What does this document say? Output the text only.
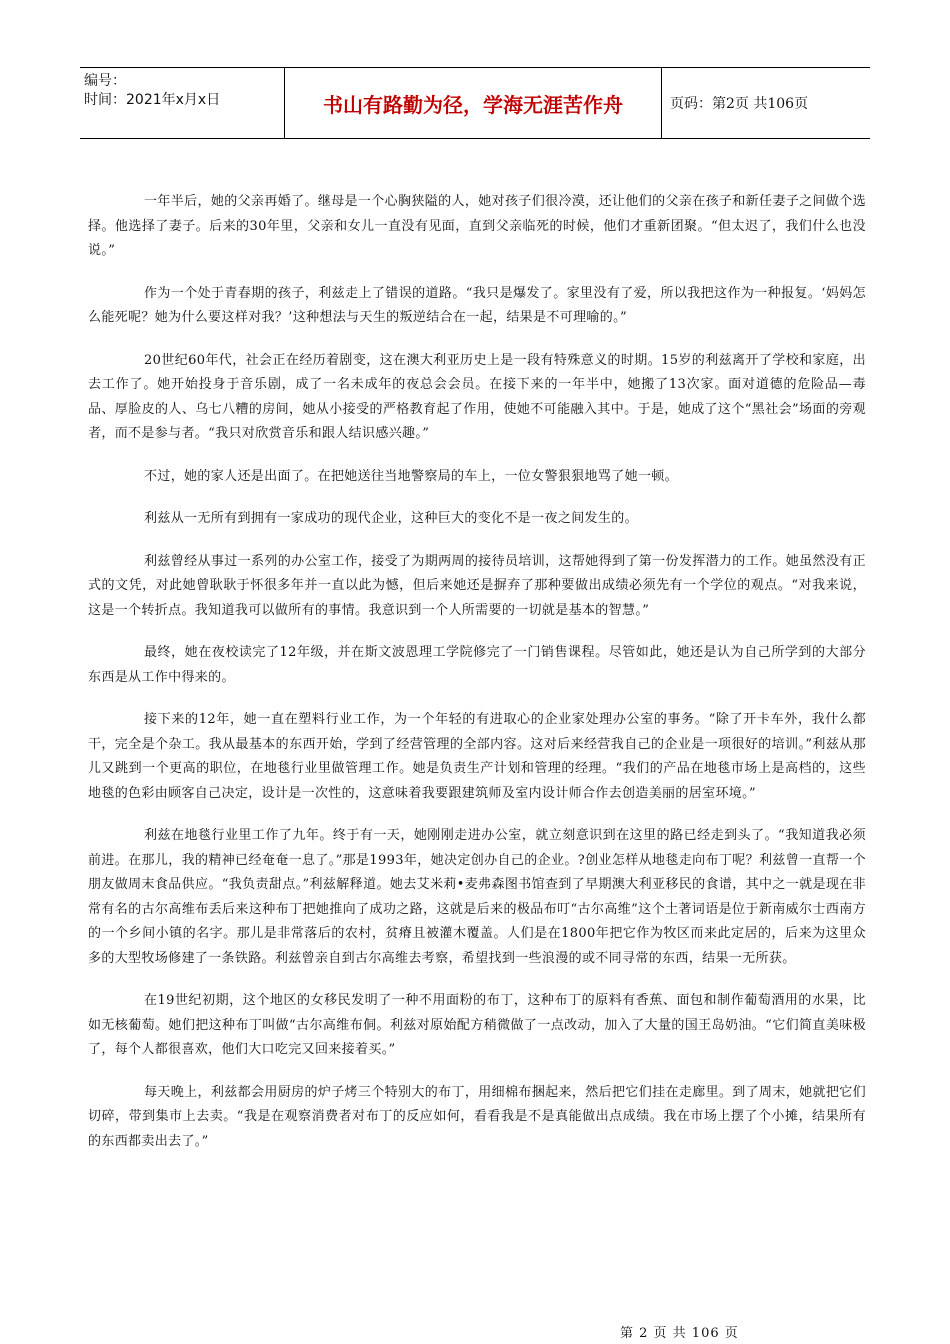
编号：
时间：2021年x月x日	书山有路勤为径，学海无涯苦作舟	页码：第2页 共106页

一年半后，她的父亲再婚了。继母是一个心胸狭隘的人，她对孩子们很冷漠，还让他们的父亲在孩子和新任妻子之间做个选择。他选择了妻子。后来的30年里，父亲和女儿一直没有见面，直到父亲临死的时候，他们才重新团聚。“但太迟了，我们什么也没说。”

作为一个处于青春期的孩子，利兹走上了错误的道路。“我只是爆发了。家里没有了爱，所以我把这作为一种报复。‘妈妈怎么能死呢？她为什么要这样对我？’这种想法与天生的叛逆结合在一起，结果是不可理喻的。”

20世纪60年代，社会正在经历着剧变，这在澳大利亚历史上是一段有特殊意义的时期。15岁的利兹离开了学校和家庭，出去工作了。她开始投身于音乐剧，成了一名未成年的夜总会会员。在接下来的一年半中，她搬了13次家。面对道德的危险品—毒品、厚脸皮的人、乌七八糟的房间，她从小接受的严格教育起了作用，使她不可能融入其中。于是，她成了这个“黑社会”场面的旁观者，而不是参与者。“我只对欣赏音乐和跟人结识感兴趣。”

不过，她的家人还是出面了。在把她送往当地警察局的车上，一位女警狠狠地骂了她一顿。

利兹从一无所有到拥有一家成功的现代企业，这种巨大的变化不是一夜之间发生的。

利兹曾经从事过一系列的办公室工作，接受了为期两周的接待员培训，这帮她得到了第一份发挥潜力的工作。她虽然没有正式的文凭，对此她曾耿耿于怀很多年并一直以此为憾，但后来她还是摒弃了那种要做出成绩必须先有一个学位的观点。“对我来说，这是一个转折点。我知道我可以做所有的事情。我意识到一个人所需要的一切就是基本的智慧。”

最终，她在夜校读完了12年级，并在斯文波恩理工学院修完了一门销售课程。尽管如此，她还是认为自己所学到的大部分东西是从工作中得来的。

接下来的12年，她一直在塑料行业工作，为一个年轻的有进取心的企业家处理办公室的事务。“除了开卡车外，我什么都干，完全是个杂工。我从最基本的东西开始，学到了经营管理的全部内容。这对后来经营我自己的企业是一项很好的培训。”利兹从那儿又跳到一个更高的职位，在地毯行业里做管理工作。她是负责生产计划和管理的经理。“我们的产品在地毯市场上是高档的，这些地毯的色彩由顾客自己决定，设计是一次性的，这意味着我要跟建筑师及室内设计师合作去创造美丽的居室环境。”

利兹在地毯行业里工作了九年。终于有一天，她刚刚走进办公室，就立刻意识到在这里的路已经走到头了。“我知道我必须前进。在那儿，我的精神已经奄奄一息了。”那是1993年，她决定创办自己的企业。?创业怎样从地毯走向布丁呢？利兹曾一直帮一个朋友做周末食品供应。“我负责甜点。”利兹解释道。她去艾米莉•麦弗森图书馆查到了早期澳大利亚移民的食谱，其中之一就是现在非常有名的古尔高维布丢后来这种布丁把她推向了成功之路，这就是后来的极品布叮“古尔高维”这个土著词语是位于新南威尔士西南方的一个乡间小镇的名字。那儿是非常落后的农村，贫瘠且被灌木覆盖。人们是在1800年把它作为牧区而来此定居的，后来为这里众多的大型牧场修建了一条铁路。利兹曾亲自到古尔高维去考察，希望找到一些浪漫的或不同寻常的东西，结果一无所获。

在19世纪初期，这个地区的女移民发明了一种不用面粉的布丁，这种布丁的原料有香蕉、面包和制作葡萄酒用的水果，比如无核葡萄。她们把这种布丁叫做“古尔高维布侗。利兹对原始配方稍微做了一点改动，加入了大量的国王岛奶油。“它们简直美味极了，每个人都很喜欢，他们大口吃完又回来接着买。”

每天晚上，利兹都会用厨房的炉子烤三个特别大的布丁，用细棉布捆起来，然后把它们挂在走廊里。到了周末，她就把它们切碎，带到集市上去卖。“我是在观察消费者对布丁的反应如何，看看我是不是真能做出点成绩。我在市场上摆了个小摊，结果所有的东西都卖出去了。”

第 2 页 共 106 页
